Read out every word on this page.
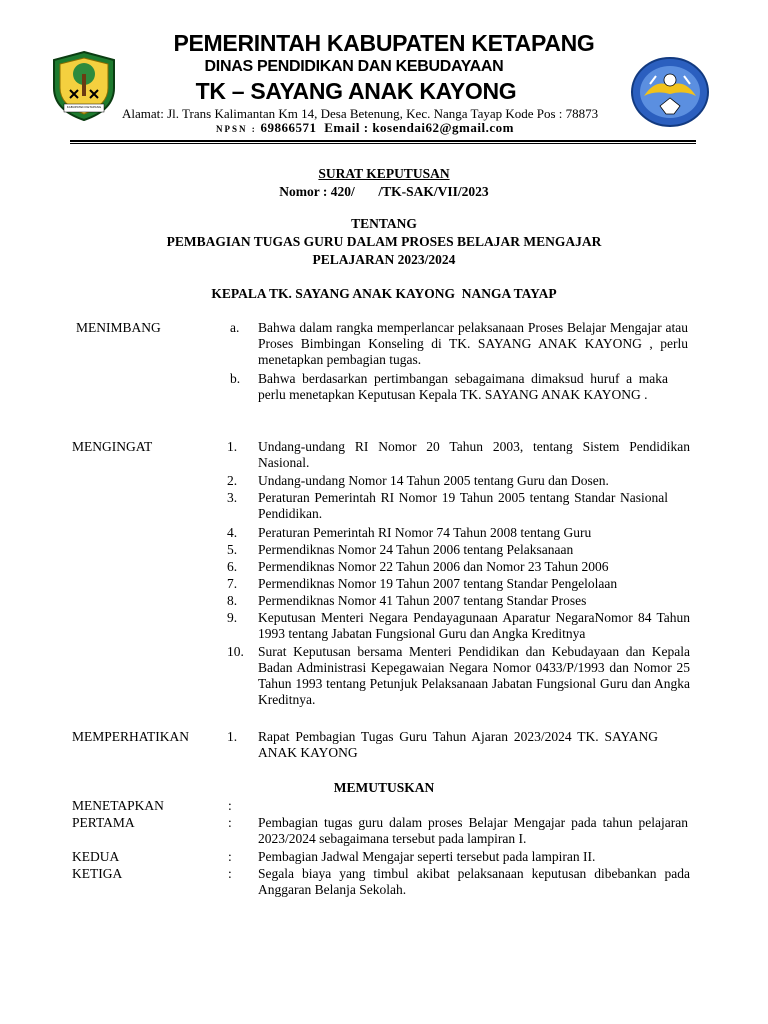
KABUPATEN KETAPANG
PEMERINTAH KABUPATEN KETAPANG
DINAS PENDIDIKAN DAN KEBUDAYAAN
TK – SAYANG ANAK KAYONG
Alamat: Jl. Trans Kalimantan Km 14, Desa Betenung, Kec. Nanga Tayap Kode Pos : 78873
NPSN : 69866571 Email : kosendai62@gmail.com
SURAT KEPUTUSAN
Nomor : 420/       /TK-SAK/VII/2023
TENTANG
PEMBAGIAN TUGAS GURU DALAM PROSES BELAJAR MENGAJAR
PELAJARAN 2023/2024
KEPALA TK. SAYANG ANAK KAYONG  NANGA TAYAP
MENIMBANG	a. Bahwa dalam rangka memperlancar pelaksanaan Proses Belajar Mengajar atau Proses Bimbingan Konseling di TK. SAYANG ANAK KAYONG , perlu menetapkan pembagian tugas.
b. Bahwa berdasarkan pertimbangan sebagaimana dimaksud huruf a maka perlu menetapkan Keputusan Kepala TK. SAYANG ANAK KAYONG .
MENGINGAT	1. Undang-undang RI Nomor 20 Tahun 2003, tentang Sistem Pendidikan Nasional.
2. Undang-undang Nomor 14 Tahun 2005 tentang Guru dan Dosen.
3. Peraturan Pemerintah RI Nomor 19 Tahun 2005 tentang Standar Nasional Pendidikan.
4. Peraturan Pemerintah RI Nomor 74 Tahun 2008 tentang Guru
5. Permendiknas Nomor 24 Tahun 2006 tentang Pelaksanaan
6. Permendiknas Nomor 22 Tahun 2006 dan Nomor 23 Tahun 2006
7. Permendiknas Nomor 19 Tahun 2007 tentang Standar Pengelolaan
8. Permendiknas Nomor 41 Tahun 2007 tentang Standar Proses
9. Keputusan Menteri Negara Pendayagunaan Aparatur NegaraNomor 84 Tahun 1993 tentang Jabatan Fungsional Guru dan Angka Kreditnya
10. Surat Keputusan bersama Menteri Pendidikan dan Kebudayaan dan Kepala Badan Administrasi Kepegawaian Negara Nomor 0433/P/1993 dan Nomor 25 Tahun 1993 tentang Petunjuk Pelaksanaan Jabatan Fungsional Guru dan Angka Kreditnya.
MEMPERHATIKAN	1. Rapat Pembagian Tugas Guru Tahun Ajaran 2023/2024 TK. SAYANG ANAK KAYONG
MEMUTUSKAN
MENETAPKAN	:
PERTAMA	: Pembagian tugas guru dalam proses Belajar Mengajar pada tahun pelajaran 2023/2024 sebagaimana tersebut pada lampiran I.
KEDUA	: Pembagian Jadwal Mengajar seperti tersebut pada lampiran II.
KETIGA	: Segala biaya yang timbul akibat pelaksanaan keputusan dibebankan pada Anggaran Belanja Sekolah.
